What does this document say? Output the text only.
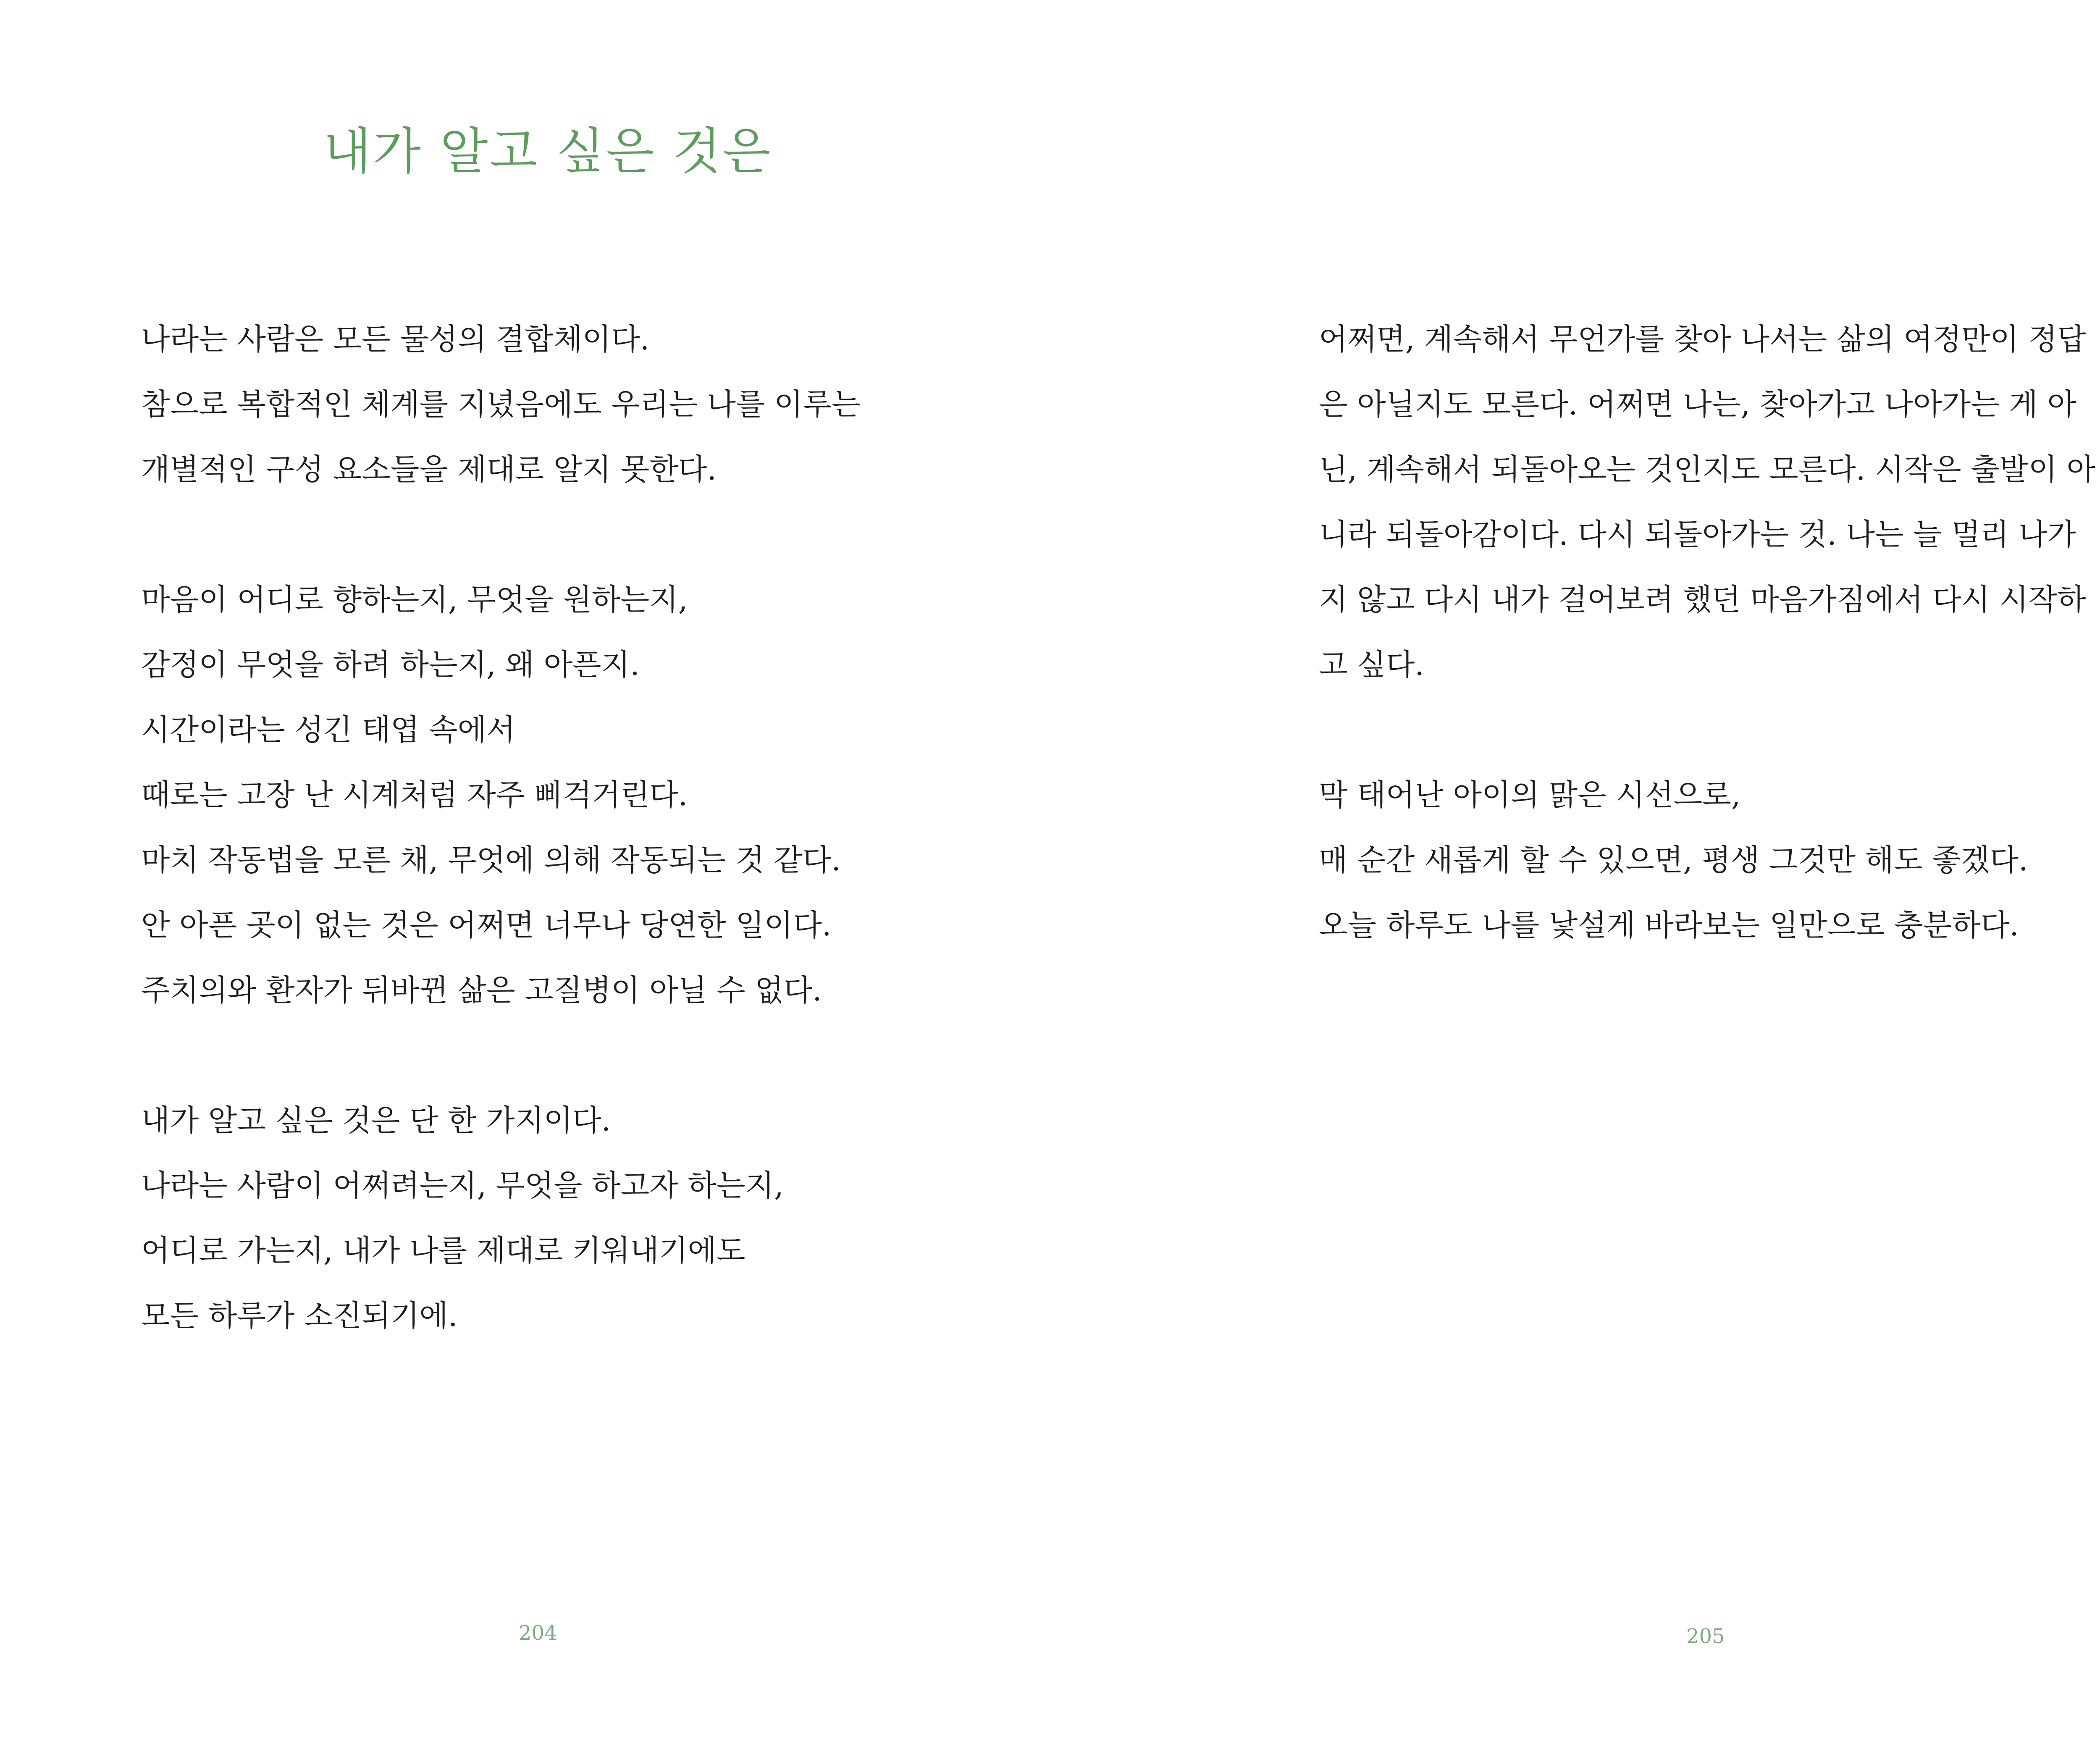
내가 알고 싶은 것은
나라는 사람은 모든 물성의 결합체이다.
참으로 복합적인 체계를 지녔음에도 우리는 나를 이루는
개별적인 구성 요소들을 제대로 알지 못한다.
마음이 어디로 향하는지, 무엇을 원하는지,
감정이 무엇을 하려 하는지, 왜 아픈지.
시간이라는 성긴 태엽 속에서
때로는 고장 난 시계처럼 자주 삐걱거린다.
마치 작동법을 모른 채, 무엇에 의해 작동되는 것 같다.
안 아픈 곳이 없는 것은 어쩌면 너무나 당연한 일이다.
주치의와 환자가 뒤바뀐 삶은 고질병이 아닐 수 없다.
내가 알고 싶은 것은 단 한 가지이다.
나라는 사람이 어쩌려는지, 무엇을 하고자 하는지,
어디로 가는지, 내가 나를 제대로 키워내기에도
모든 하루가 소진되기에.
204
어쩌면, 계속해서 무언가를 찾아 나서는 삶의 여정만이 정답
은 아닐지도 모른다. 어쩌면 나는, 찾아가고 나아가는 게 아
닌, 계속해서 되돌아오는 것인지도 모른다. 시작은 출발이 아
니라 되돌아감이다. 다시 되돌아가는 것. 나는 늘 멀리 나가
지 않고 다시 내가 걸어보려 했던 마음가짐에서 다시 시작하
고 싶다.
막 태어난 아이의 맑은 시선으로,
매 순간 새롭게 할 수 있으면, 평생 그것만 해도 좋겠다.
오늘 하루도 나를 낯설게 바라보는 일만으로 충분하다.
205
